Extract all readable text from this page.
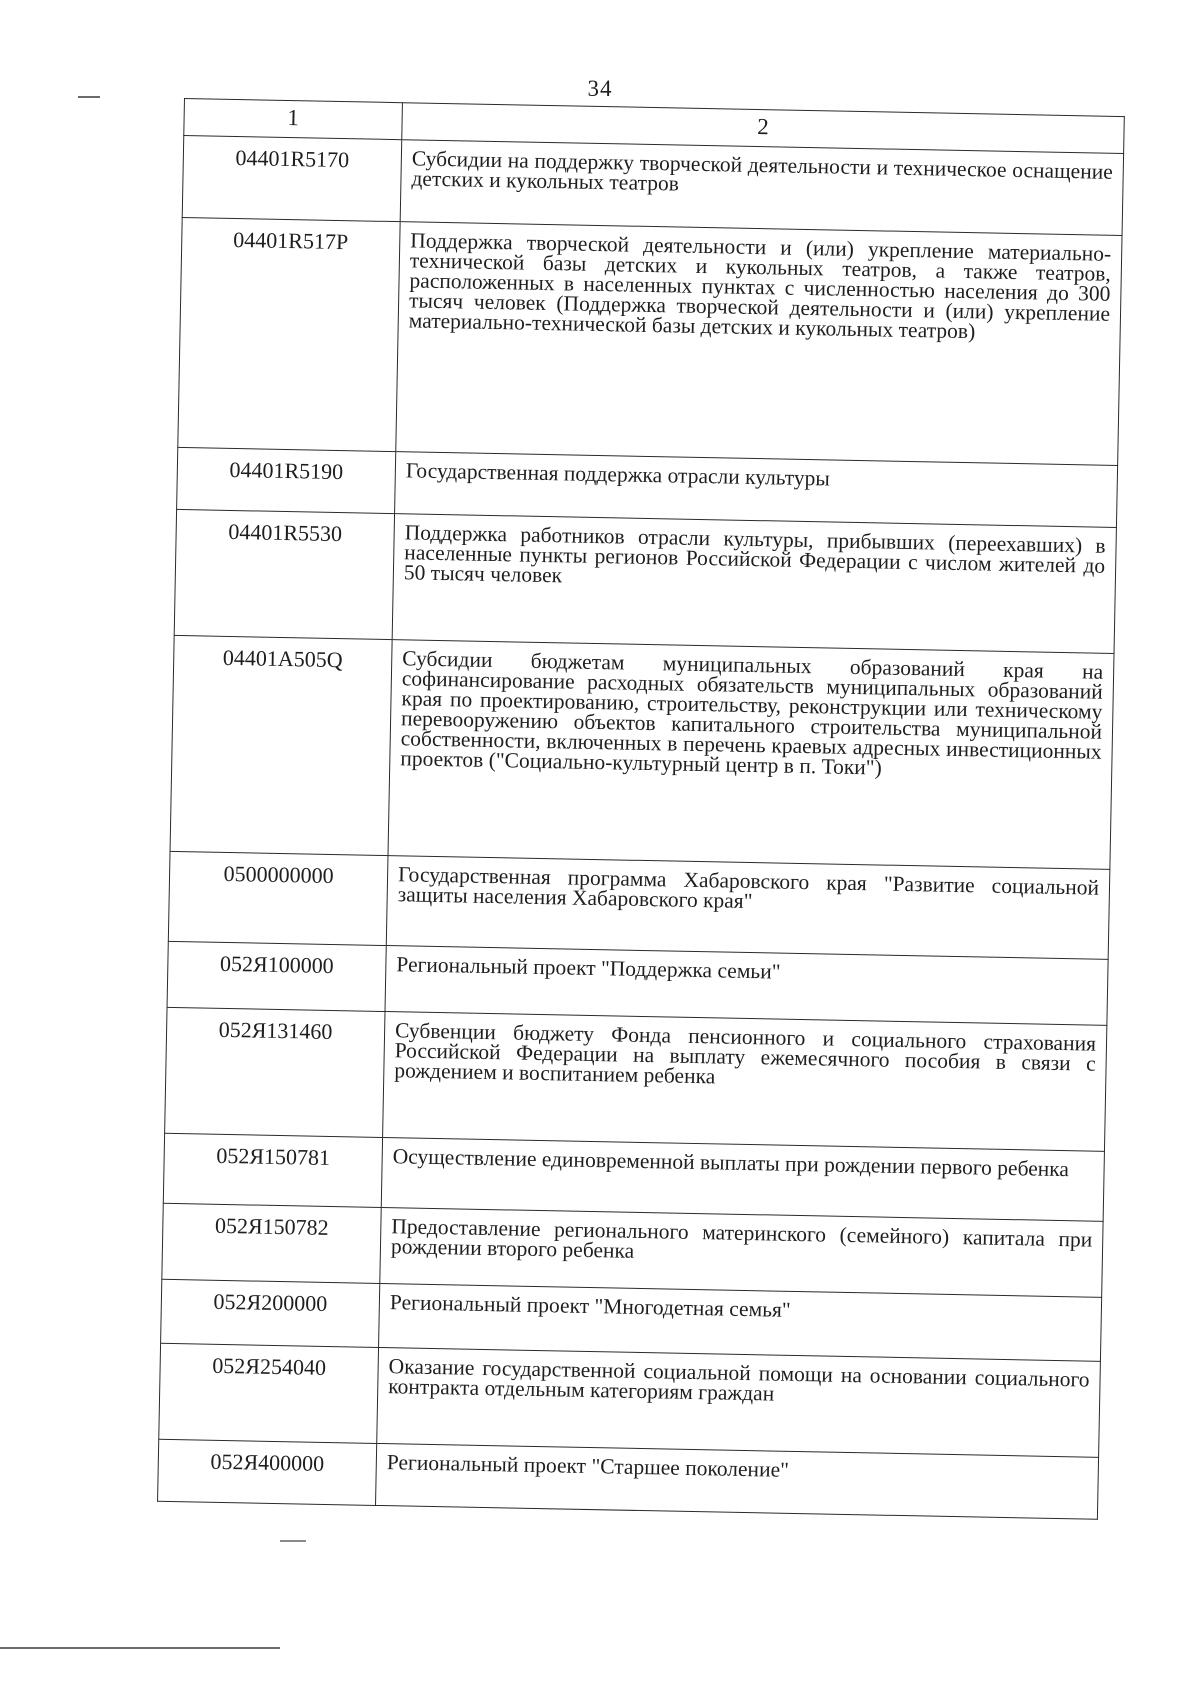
34
1	2
04401R5170	Субсидии на поддержку творческой деятельности и техническое оснащение детских и кукольных театров
04401R517P	Поддержка творческой деятельности и (или) укрепление материально-технической базы детских и кукольных театров, а также театров, расположенных в населенных пунктах с численностью населения до 300 тысяч человек (Поддержка творческой деятельности и (или) укрепление материально-технической базы детских и кукольных театров)
04401R5190	Государственная поддержка отрасли культуры
04401R5530	Поддержка работников отрасли культуры, прибывших (переехавших) в населенные пункты регионов Российской Федерации с числом жителей до 50 тысяч человек
04401A505Q	Субсидии бюджетам муниципальных образований края на софинансирование расходных обязательств муниципальных образований края по проектированию, строительству, реконструкции или техническому перевооружению объектов капитального строительства муниципальной собственности, включенных в перечень краевых адресных инвестиционных проектов ("Социально-культурный центр в п. Токи")
0500000000	Государственная программа Хабаровского края "Развитие социальной защиты населения Хабаровского края"
052Я100000	Региональный проект "Поддержка семьи"
052Я131460	Субвенции бюджету Фонда пенсионного и социального страхования Российской Федерации на выплату ежемесячного пособия в связи с рождением и воспитанием ребенка
052Я150781	Осуществление единовременной выплаты при рождении первого ребенка
052Я150782	Предоставление регионального материнского (семейного) капитала при рождении второго ребенка
052Я200000	Региональный проект "Многодетная семья"
052Я254040	Оказание государственной социальной помощи на основании социального контракта отдельным категориям граждан
052Я400000	Региональный проект "Старшее поколение"
